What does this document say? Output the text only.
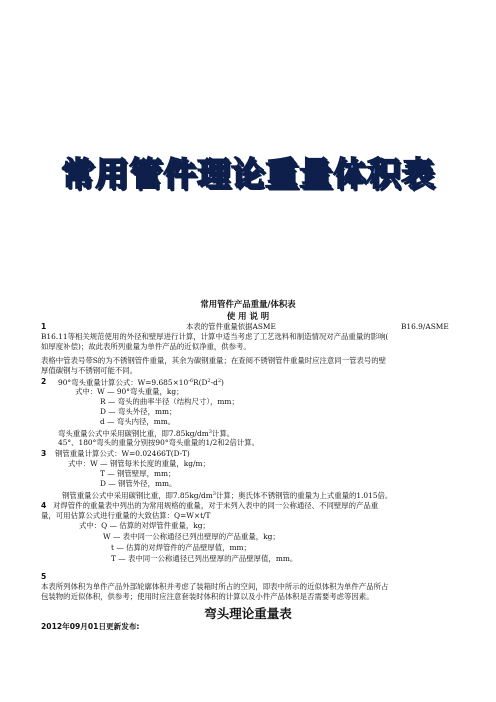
常用管件理论重量体积表
常用管件产品重量/体积表
使 用 说 明
1	本表的管件重量依据ASME	B16.9/ASME
B16.11等相关规范使用的外径和壁厚进行计算，计算中适当考虑了工艺选料和制造情况对产品重量的影响(
如厚度补偿)；故此表所列重量为单件产品的近似净重，供参考。
表格中管表号带S的为不锈钢管件重量，其余为碳钢重量；在查阅不锈钢管件重量时应注意同一管表号的壁
厚值碳钢与不锈钢可能不同。
2 90°弯头重量计算公式：$W=9.685\times 10^{-6}R(D^2-d^2)$
式中：W — 90°弯头重量，kg；
R — 弯头的曲率半径（结构尺寸），mm；
D — 弯头外径，mm；
d — 弯头内径，mm。
弯头重量公式中采用碳钢比重，即$7.85kg/dm^3$计算。
45°、180°弯头的重量分别按90°弯头重量的1/2和2倍计算。
3 钢管重量计算公式：W=0.02466T(D-T)
式中：W — 钢管每米长度的重量，kg/m；
T — 钢管壁厚，mm；
D — 钢管外径，mm。
钢管重量公式中采用碳钢比重，即$7.85kg/dm^3$计算；奥氏体不锈钢管的重量为上式重量的1.015倍。
4 对焊管件的重量表中列出的为常用规格的重量，对于未列入表中的同一公称通径、不同壁厚的产品重
量，可用估算公式进行重量的大致估算：Q=W×t/T
式中：Q — 估算的对焊管件重量，kg；
W — 表中同一公称通径已列出壁厚的产品重量，kg；
t — 估算的对焊管件的产品壁厚值，mm；
T — 表中同一公称通径已列出壁厚的产品壁厚值，mm。
5
本表所列体积为单件产品外部轮廓体积并考虑了装箱时所占的空间，即表中所示的近似体积为单件产品所占
包装物的近似体积，供参考；使用时应注意套装时体积的计算以及小件产品体积是否需要考虑等因素。
弯头理论重量表
2012年09月01日更新发布:
